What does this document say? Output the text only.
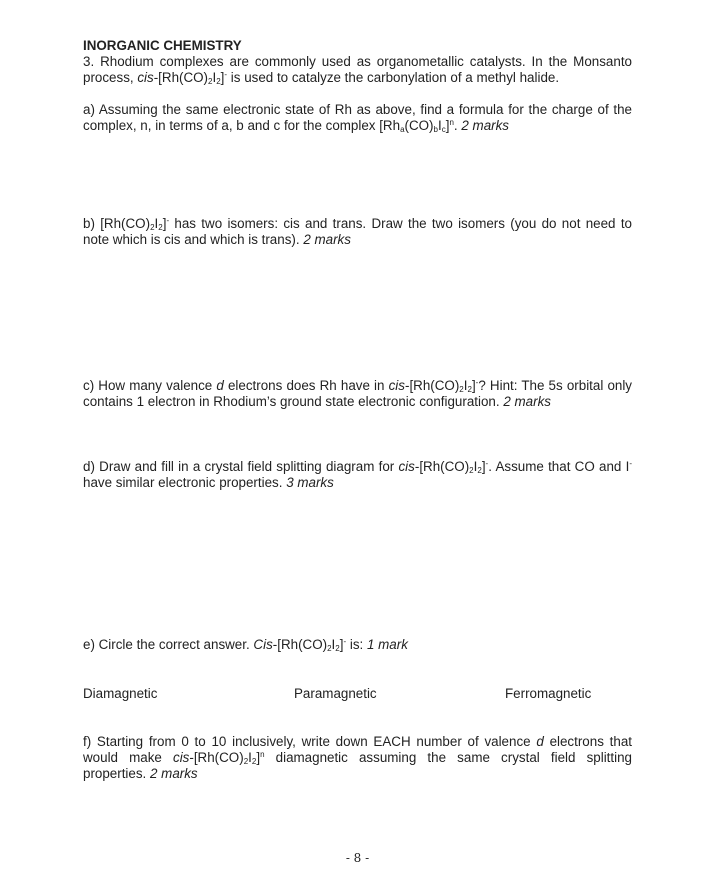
INORGANIC CHEMISTRY

3. Rhodium complexes are commonly used as organometallic catalysts. In the Monsanto process, cis-$[Rh(CO)_2I_2]^-$ is used to catalyze the carbonylation of a methyl halide.

a) Assuming the same electronic state of Rh as above, find a formula for the charge of the complex, n, in terms of a, b and c for the complex $[Rh_a(CO)_bI_c]^n$. 2 marks

b) $[Rh(CO)_2I_2]^-$ has two isomers: cis and trans. Draw the two isomers (you do not need to note which is cis and which is trans). 2 marks

c) How many valence d electrons does Rh have in cis-$[Rh(CO)_2I_2]^-$? Hint: The 5s orbital only contains 1 electron in Rhodium’s ground state electronic configuration. 2 marks

d) Draw and fill in a crystal field splitting diagram for cis-$[Rh(CO)_2I_2]^-$. Assume that CO and I- have similar electronic properties. 3 marks

e) Circle the correct answer. Cis-$[Rh(CO)_2I_2]^-$ is: 1 mark

Diamagnetic	Paramagnetic	Ferromagnetic

f) Starting from 0 to 10 inclusively, write down EACH number of valence d electrons that would make cis-$[Rh(CO)_2I_2]^n$ diamagnetic assuming the same crystal field splitting properties. 2 marks

- 8 -
